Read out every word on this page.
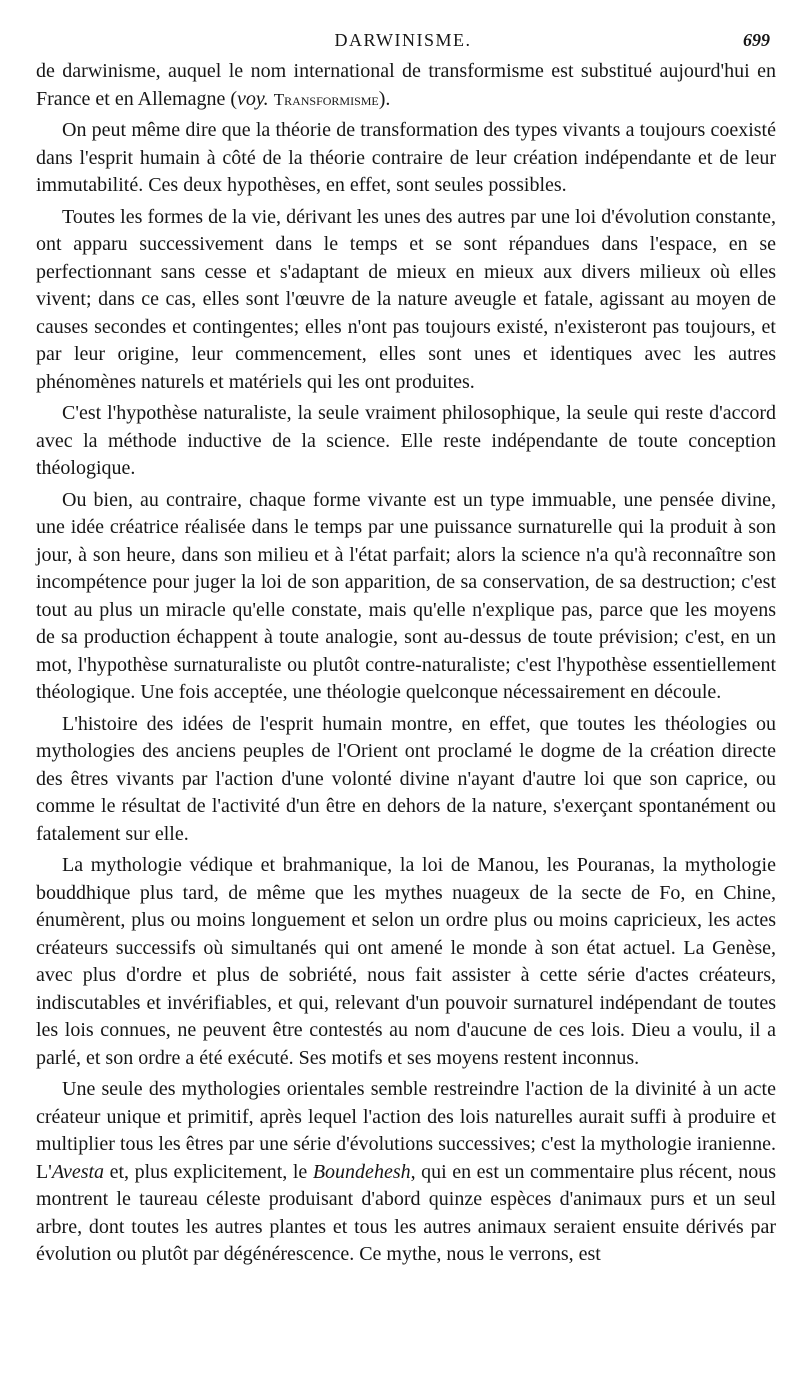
DARWINISME.	699

de darwinisme, auquel le nom international de transformisme est substitué aujourd'hui en France et en Allemagne (voy. Transformisme).

On peut même dire que la théorie de transformation des types vivants a toujours coexisté dans l'esprit humain à côté de la théorie contraire de leur création indépendante et de leur immutabilité. Ces deux hypothèses, en effet, sont seules possibles.

Toutes les formes de la vie, dérivant les unes des autres par une loi d'évolution constante, ont apparu successivement dans le temps et se sont répandues dans l'espace, en se perfectionnant sans cesse et s'adaptant de mieux en mieux aux divers milieux où elles vivent; dans ce cas, elles sont l'œuvre de la nature aveugle et fatale, agissant au moyen de causes secondes et contingentes; elles n'ont pas toujours existé, n'existeront pas toujours, et par leur origine, leur commencement, elles sont unes et identiques avec les autres phénomènes naturels et matériels qui les ont produites.

C'est l'hypothèse naturaliste, la seule vraiment philosophique, la seule qui reste d'accord avec la méthode inductive de la science. Elle reste indépendante de toute conception théologique.

Ou bien, au contraire, chaque forme vivante est un type immuable, une pensée divine, une idée créatrice réalisée dans le temps par une puissance surnaturelle qui la produit à son jour, à son heure, dans son milieu et à l'état parfait; alors la science n'a qu'à reconnaître son incompétence pour juger la loi de son apparition, de sa conservation, de sa destruction; c'est tout au plus un miracle qu'elle constate, mais qu'elle n'explique pas, parce que les moyens de sa production échappent à toute analogie, sont au-dessus de toute prévision; c'est, en un mot, l'hypothèse surnaturaliste ou plutôt contre-naturaliste; c'est l'hypothèse essentiellement théologique. Une fois acceptée, une théologie quelconque nécessairement en découle.

L'histoire des idées de l'esprit humain montre, en effet, que toutes les théologies ou mythologies des anciens peuples de l'Orient ont proclamé le dogme de la création directe des êtres vivants par l'action d'une volonté divine n'ayant d'autre loi que son caprice, ou comme le résultat de l'activité d'un être en dehors de la nature, s'exerçant spontanément ou fatalement sur elle.

La mythologie védique et brahmanique, la loi de Manou, les Pouranas, la mythologie bouddhique plus tard, de même que les mythes nuageux de la secte de Fo, en Chine, énumèrent, plus ou moins longuement et selon un ordre plus ou moins capricieux, les actes créateurs successifs où simultanés qui ont amené le monde à son état actuel. La Genèse, avec plus d'ordre et plus de sobriété, nous fait assister à cette série d'actes créateurs, indiscutables et invérifiables, et qui, relevant d'un pouvoir surnaturel indépendant de toutes les lois connues, ne peuvent être contestés au nom d'aucune de ces lois. Dieu a voulu, il a parlé, et son ordre a été exécuté. Ses motifs et ses moyens restent inconnus.

Une seule des mythologies orientales semble restreindre l'action de la divinité à un acte créateur unique et primitif, après lequel l'action des lois naturelles aurait suffi à produire et multiplier tous les êtres par une série d'évolutions successives; c'est la mythologie iranienne. L'Avesta et, plus explicitement, le Boundehesh, qui en est un commentaire plus récent, nous montrent le taureau céleste produisant d'abord quinze espèces d'animaux purs et un seul arbre, dont toutes les autres plantes et tous les autres animaux seraient ensuite dérivés par évolution ou plutôt par dégénérescence. Ce mythe, nous le verrons, est
